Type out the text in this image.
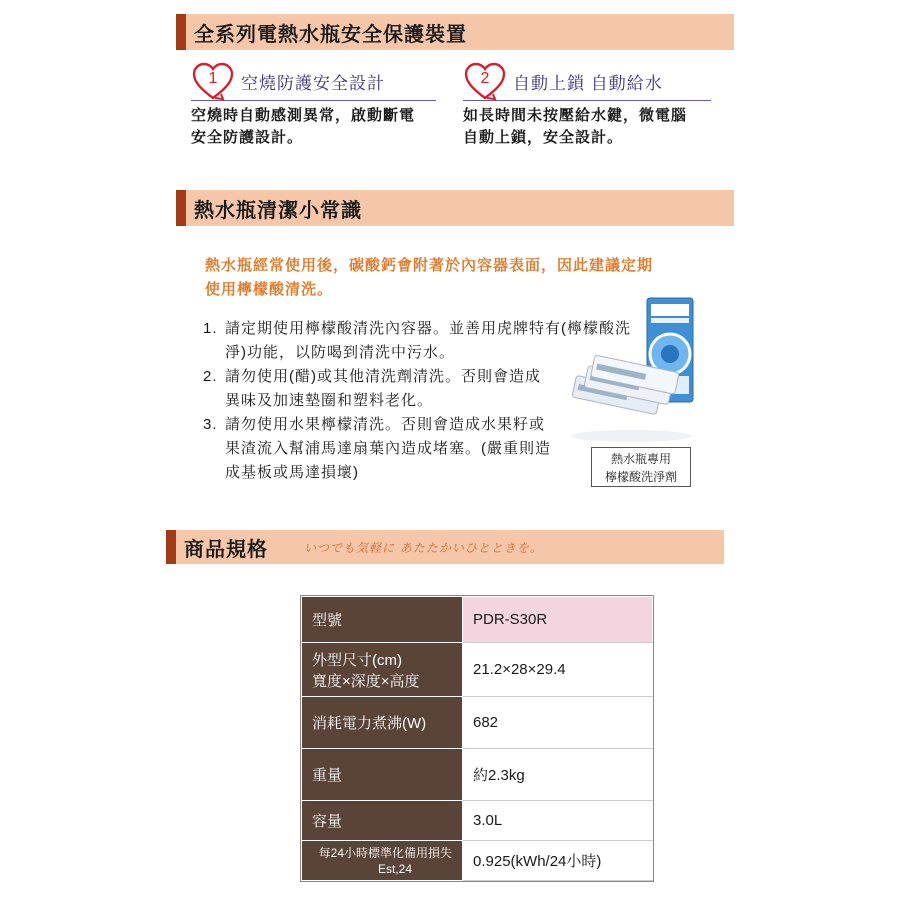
全系列電熱水瓶安全保護裝置
1 空燒防護安全設計
空燒時自動感測異常，啟動斷電
安全防護設計。
2 自動上鎖 自動給水
如長時間未按壓給水鍵，微電腦
自動上鎖，安全設計。
熱水瓶清潔小常識
熱水瓶經常使用後，碳酸鈣會附著於內容器表面，因此建議定期
使用檸檬酸清洗。
1. 請定期使用檸檬酸清洗內容器。並善用虎牌特有(檸檬酸洗
淨)功能，以防喝到清洗中污水。
2. 請勿使用(醋)或其他清洗劑清洗。否則會造成
異味及加速墊圈和塑料老化。
3. 請勿使用水果檸檬清洗。否則會造成水果籽或
果渣流入幫浦馬達扇葉內造成堵塞。(嚴重則造
成基板或馬達損壞)
熱水瓶專用
檸檬酸洗淨劑
商品規格	いつでも気軽に あたたかいひとときを。
型號	PDR-S30R

外型尺寸(cm)
寬度×深度×高度	21.2×28×29.4

消耗電力煮沸(W)	682

重量	約2.3kg

容量	3.0L

每24小時標準化備用損失
Est,24	0.925(kWh/24小時)
